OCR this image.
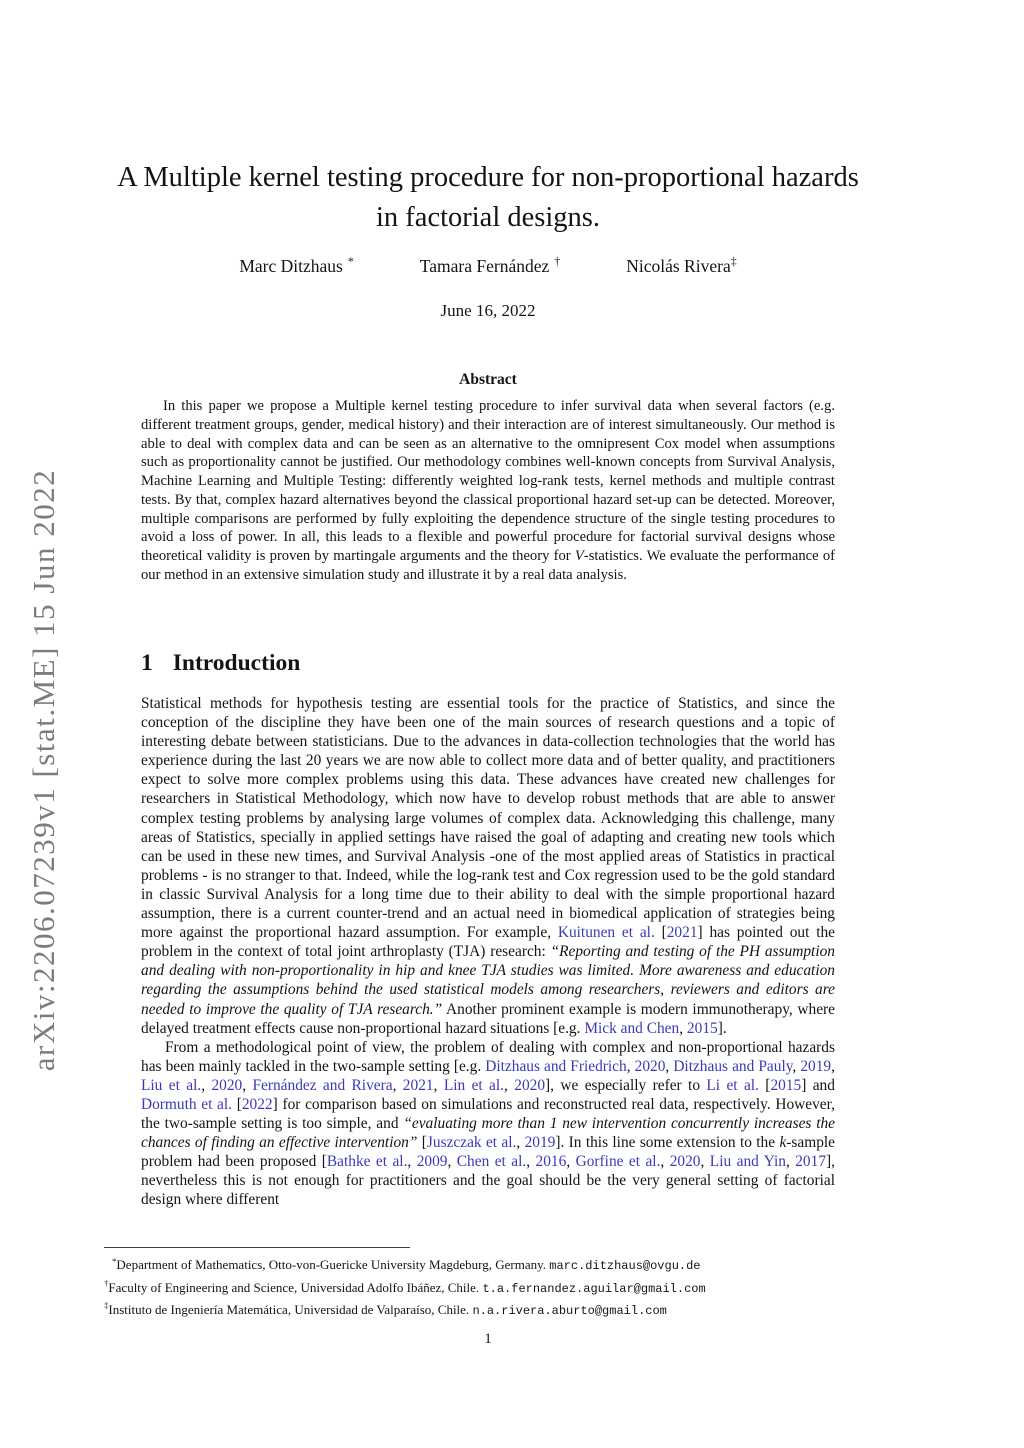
arXiv:2206.07239v1 [stat.ME] 15 Jun 2022
A Multiple kernel testing procedure for non-proportional hazards
in factorial designs.
Marc Ditzhaus *	Tamara Fernández †	Nicolás Rivera‡
June 16, 2022
Abstract
In this paper we propose a Multiple kernel testing procedure to infer survival data when several factors (e.g. different treatment groups, gender, medical history) and their interaction are of interest simultaneously. Our method is able to deal with complex data and can be seen as an alternative to the omnipresent Cox model when assumptions such as proportionality cannot be justified. Our methodology combines well-known concepts from Survival Analysis, Machine Learning and Multiple Testing: differently weighted log-rank tests, kernel methods and multiple contrast tests. By that, complex hazard alternatives beyond the classical proportional hazard set-up can be detected. Moreover, multiple comparisons are performed by fully exploiting the dependence structure of the single testing procedures to avoid a loss of power. In all, this leads to a flexible and powerful procedure for factorial survival designs whose theoretical validity is proven by martingale arguments and the theory for V-statistics. We evaluate the performance of our method in an extensive simulation study and illustrate it by a real data analysis.
1 Introduction

Statistical methods for hypothesis testing are essential tools for the practice of Statistics, and since the conception of the discipline they have been one of the main sources of research questions and a topic of interesting debate between statisticians. Due to the advances in data-collection technologies that the world has experience during the last 20 years we are now able to collect more data and of better quality, and practitioners expect to solve more complex problems using this data. These advances have created new challenges for researchers in Statistical Methodology, which now have to develop robust methods that are able to answer complex testing problems by analysing large volumes of complex data. Acknowledging this challenge, many areas of Statistics, specially in applied settings have raised the goal of adapting and creating new tools which can be used in these new times, and Survival Analysis -one of the most applied areas of Statistics in practical problems - is no stranger to that. Indeed, while the log-rank test and Cox regression used to be the gold standard in classic Survival Analysis for a long time due to their ability to deal with the simple proportional hazard assumption, there is a current counter-trend and an actual need in biomedical application of strategies being more against the proportional hazard assumption. For example, Kuitunen et al. [2021] has pointed out the problem in the context of total joint arthroplasty (TJA) research: “Reporting and testing of the PH assumption and dealing with non-proportionality in hip and knee TJA studies was limited. More awareness and education regarding the assumptions behind the used statistical models among researchers, reviewers and editors are needed to improve the quality of TJA research.” Another prominent example is modern immunotherapy, where delayed treatment effects cause non-proportional hazard situations [e.g. Mick and Chen, 2015].

From a methodological point of view, the problem of dealing with complex and non-proportional hazards has been mainly tackled in the two-sample setting [e.g. Ditzhaus and Friedrich, 2020, Ditzhaus and Pauly, 2019, Liu et al., 2020, Fernández and Rivera, 2021, Lin et al., 2020], we especially refer to Li et al. [2015] and Dormuth et al. [2022] for comparison based on simulations and reconstructed real data, respectively. However, the two-sample setting is too simple, and “evaluating more than 1 new intervention concurrently increases the chances of finding an effective intervention” [Juszczak et al., 2019]. In this line some extension to the k-sample problem had been proposed [Bathke et al., 2009, Chen et al., 2016, Gorfine et al., 2020, Liu and Yin, 2017], nevertheless this is not enough for practitioners and the goal should be the very general setting of factorial design where different

*Department of Mathematics, Otto-von-Guericke University Magdeburg, Germany. marc.ditzhaus@ovgu.de
†Faculty of Engineering and Science, Universidad Adolfo Ibáñez, Chile. t.a.fernandez.aguilar@gmail.com
‡Instituto de Ingeniería Matemática, Universidad de Valparaíso, Chile. n.a.rivera.aburto@gmail.com
1
